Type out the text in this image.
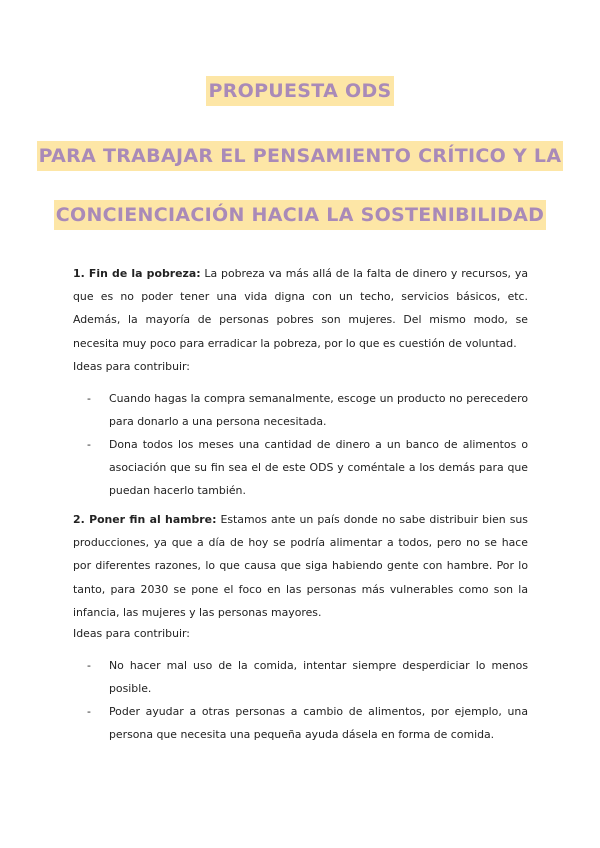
PROPUESTA ODS
PARA TRABAJAR EL PENSAMIENTO CRÍTICO Y LA
CONCIENCIACIÓN HACIA LA SOSTENIBILIDAD

1. Fin de la pobreza: La pobreza va más allá de la falta de dinero y recursos, ya que es no poder tener una vida digna con un techo, servicios básicos, etc. Además, la mayoría de personas pobres son mujeres. Del mismo modo, se necesita muy poco para erradicar la pobreza, por lo que es cuestión de voluntad.

Ideas para contribuir:

- Cuando hagas la compra semanalmente, escoge un producto no perecedero para donarlo a una persona necesitada.
- Dona todos los meses una cantidad de dinero a un banco de alimentos o asociación que su fin sea el de este ODS y coméntale a los demás para que puedan hacerlo también.

2. Poner fin al hambre: Estamos ante un país donde no sabe distribuir bien sus producciones, ya que a día de hoy se podría alimentar a todos, pero no se hace por diferentes razones, lo que causa que siga habiendo gente con hambre. Por lo tanto, para 2030 se pone el foco en las personas más vulnerables como son la infancia, las mujeres y las personas mayores.

Ideas para contribuir:

- No hacer mal uso de la comida, intentar siempre desperdiciar lo menos posible.
- Poder ayudar a otras personas a cambio de alimentos, por ejemplo, una persona que necesita una pequeña ayuda dásela en forma de comida.
